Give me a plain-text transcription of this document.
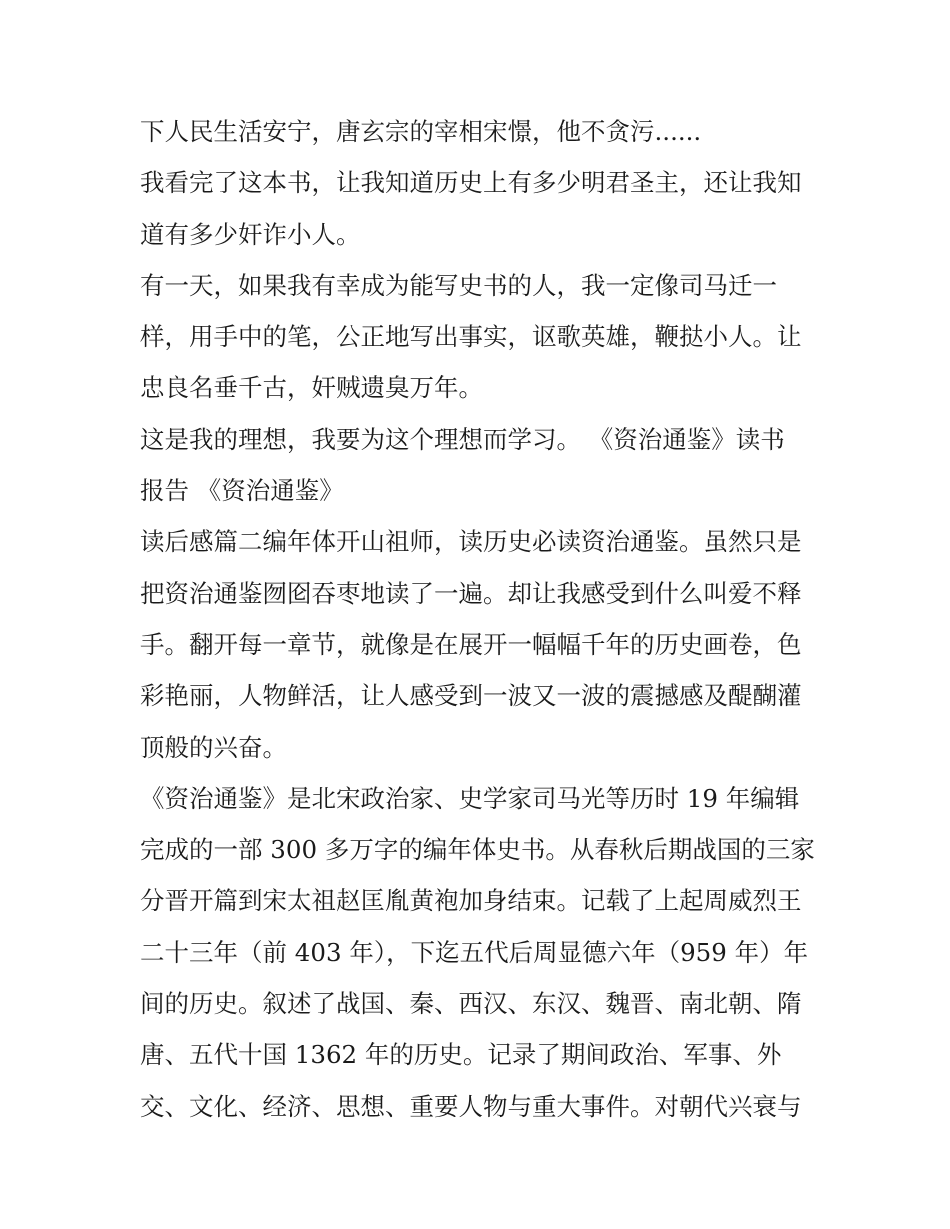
下人民生活安宁，唐玄宗的宰相宋憬，他不贪污......
我看完了这本书，让我知道历史上有多少明君圣主，还让我知
道有多少奸诈小人。
有一天，如果我有幸成为能写史书的人，我一定像司马迁一
样，用手中的笔，公正地写出事实，讴歌英雄，鞭挞小人。让
忠良名垂千古，奸贼遗臭万年。
这是我的理想，我要为这个理想而学习。 《资治通鉴》读书
报告 《资治通鉴》
读后感篇二编年体开山祖师，读历史必读资治通鉴。虽然只是
把资治通鉴囫囵吞枣地读了一遍。却让我感受到什么叫爱不释
手。翻开每一章节，就像是在展开一幅幅千年的历史画卷，色
彩艳丽，人物鲜活，让人感受到一波又一波的震撼感及醍醐灌
顶般的兴奋。
《资治通鉴》是北宋政治家、史学家司马光等历时 19 年编辑
完成的一部 300 多万字的编年体史书。从春秋后期战国的三家
分晋开篇到宋太祖赵匡胤黄袍加身结束。记载了上起周威烈王
二十三年（前 403 年），下迄五代后周显德六年（959 年）年
间的历史。叙述了战国、秦、西汉、东汉、魏晋、南北朝、隋
唐、五代十国 1362 年的历史。记录了期间政治、军事、外
交、文化、经济、思想、重要人物与重大事件。对朝代兴衰与
